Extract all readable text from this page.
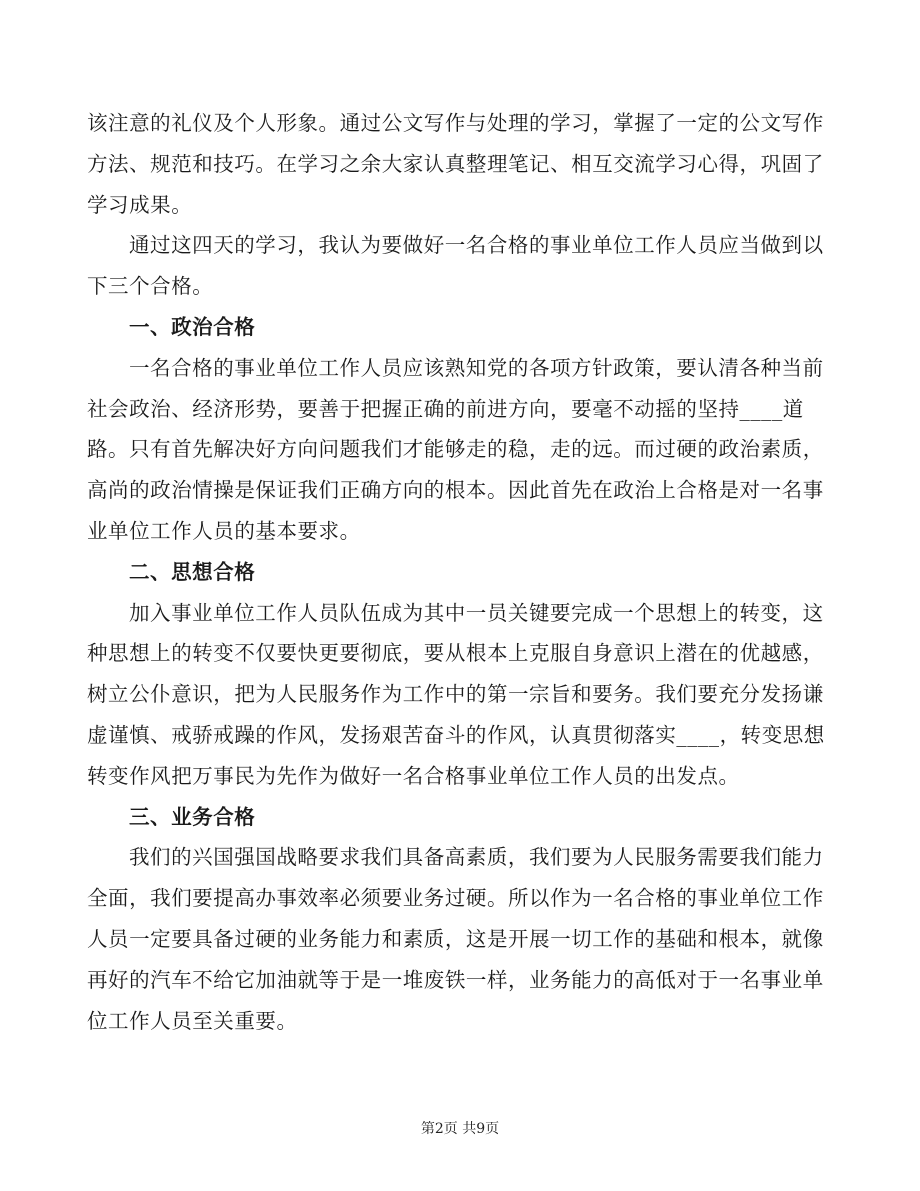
该注意的礼仪及个人形象。通过公文写作与处理的学习，掌握了一定的公文写作方法、规范和技巧。在学习之余大家认真整理笔记、相互交流学习心得，巩固了学习成果。

通过这四天的学习，我认为要做好一名合格的事业单位工作人员应当做到以下三个合格。

一、政治合格

一名合格的事业单位工作人员应该熟知党的各项方针政策，要认清各种当前社会政治、经济形势，要善于把握正确的前进方向，要毫不动摇的坚持____道路。只有首先解决好方向问题我们才能够走的稳，走的远。而过硬的政治素质，高尚的政治情操是保证我们正确方向的根本。因此首先在政治上合格是对一名事业单位工作人员的基本要求。

二、思想合格

加入事业单位工作人员队伍成为其中一员关键要完成一个思想上的转变，这种思想上的转变不仅要快更要彻底，要从根本上克服自身意识上潜在的优越感，树立公仆意识，把为人民服务作为工作中的第一宗旨和要务。我们要充分发扬谦虚谨慎、戒骄戒躁的作风，发扬艰苦奋斗的作风，认真贯彻落实____，转变思想转变作风把万事民为先作为做好一名合格事业单位工作人员的出发点。

三、业务合格

我们的兴国强国战略要求我们具备高素质，我们要为人民服务需要我们能力全面，我们要提高办事效率必须要业务过硬。所以作为一名合格的事业单位工作人员一定要具备过硬的业务能力和素质，这是开展一切工作的基础和根本，就像再好的汽车不给它加油就等于是一堆废铁一样，业务能力的高低对于一名事业单位工作人员至关重要。

第2页 共9页
